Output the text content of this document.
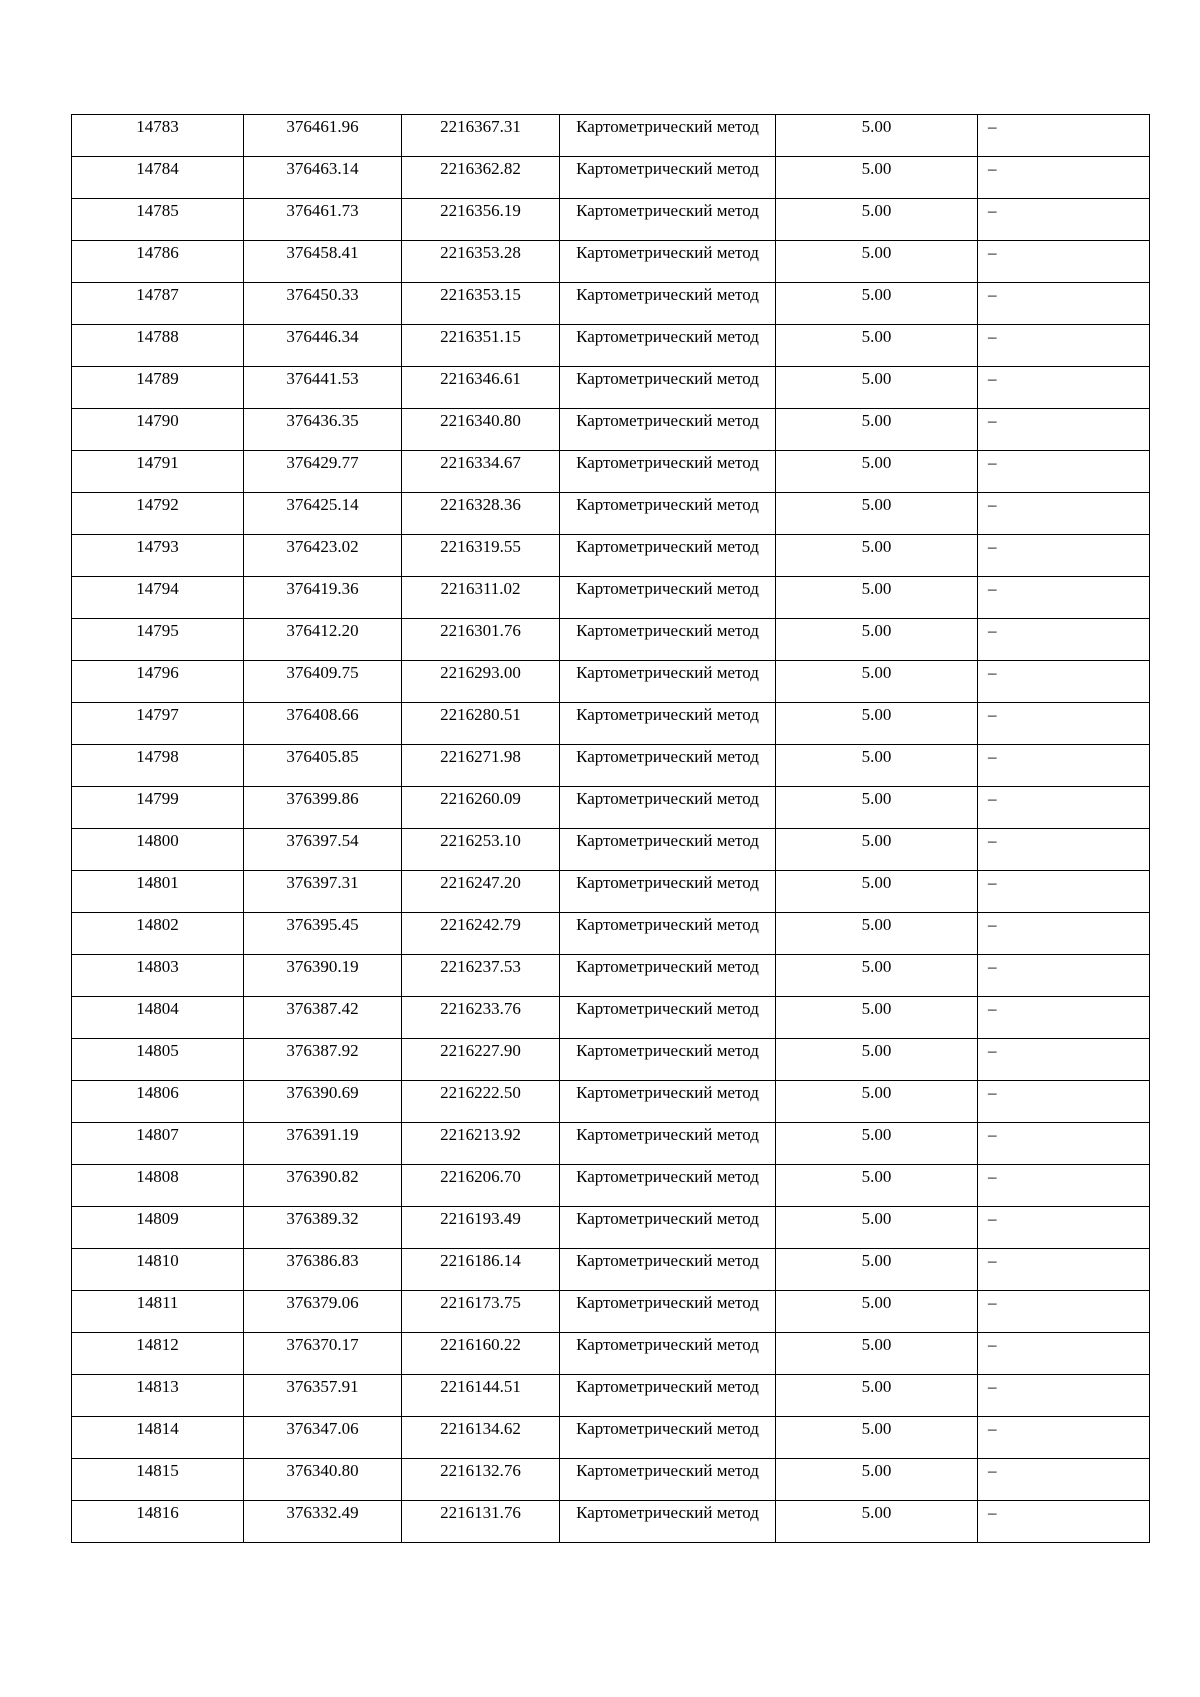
14783	376461.96	2216367.31	Картометрический метод	5.00	–
14784	376463.14	2216362.82	Картометрический метод	5.00	–
14785	376461.73	2216356.19	Картометрический метод	5.00	–
14786	376458.41	2216353.28	Картометрический метод	5.00	–
14787	376450.33	2216353.15	Картометрический метод	5.00	–
14788	376446.34	2216351.15	Картометрический метод	5.00	–
14789	376441.53	2216346.61	Картометрический метод	5.00	–
14790	376436.35	2216340.80	Картометрический метод	5.00	–
14791	376429.77	2216334.67	Картометрический метод	5.00	–
14792	376425.14	2216328.36	Картометрический метод	5.00	–
14793	376423.02	2216319.55	Картометрический метод	5.00	–
14794	376419.36	2216311.02	Картометрический метод	5.00	–
14795	376412.20	2216301.76	Картометрический метод	5.00	–
14796	376409.75	2216293.00	Картометрический метод	5.00	–
14797	376408.66	2216280.51	Картометрический метод	5.00	–
14798	376405.85	2216271.98	Картометрический метод	5.00	–
14799	376399.86	2216260.09	Картометрический метод	5.00	–
14800	376397.54	2216253.10	Картометрический метод	5.00	–
14801	376397.31	2216247.20	Картометрический метод	5.00	–
14802	376395.45	2216242.79	Картометрический метод	5.00	–
14803	376390.19	2216237.53	Картометрический метод	5.00	–
14804	376387.42	2216233.76	Картометрический метод	5.00	–
14805	376387.92	2216227.90	Картометрический метод	5.00	–
14806	376390.69	2216222.50	Картометрический метод	5.00	–
14807	376391.19	2216213.92	Картометрический метод	5.00	–
14808	376390.82	2216206.70	Картометрический метод	5.00	–
14809	376389.32	2216193.49	Картометрический метод	5.00	–
14810	376386.83	2216186.14	Картометрический метод	5.00	–
14811	376379.06	2216173.75	Картометрический метод	5.00	–
14812	376370.17	2216160.22	Картометрический метод	5.00	–
14813	376357.91	2216144.51	Картометрический метод	5.00	–
14814	376347.06	2216134.62	Картометрический метод	5.00	–
14815	376340.80	2216132.76	Картометрический метод	5.00	–
14816	376332.49	2216131.76	Картометрический метод	5.00	–
